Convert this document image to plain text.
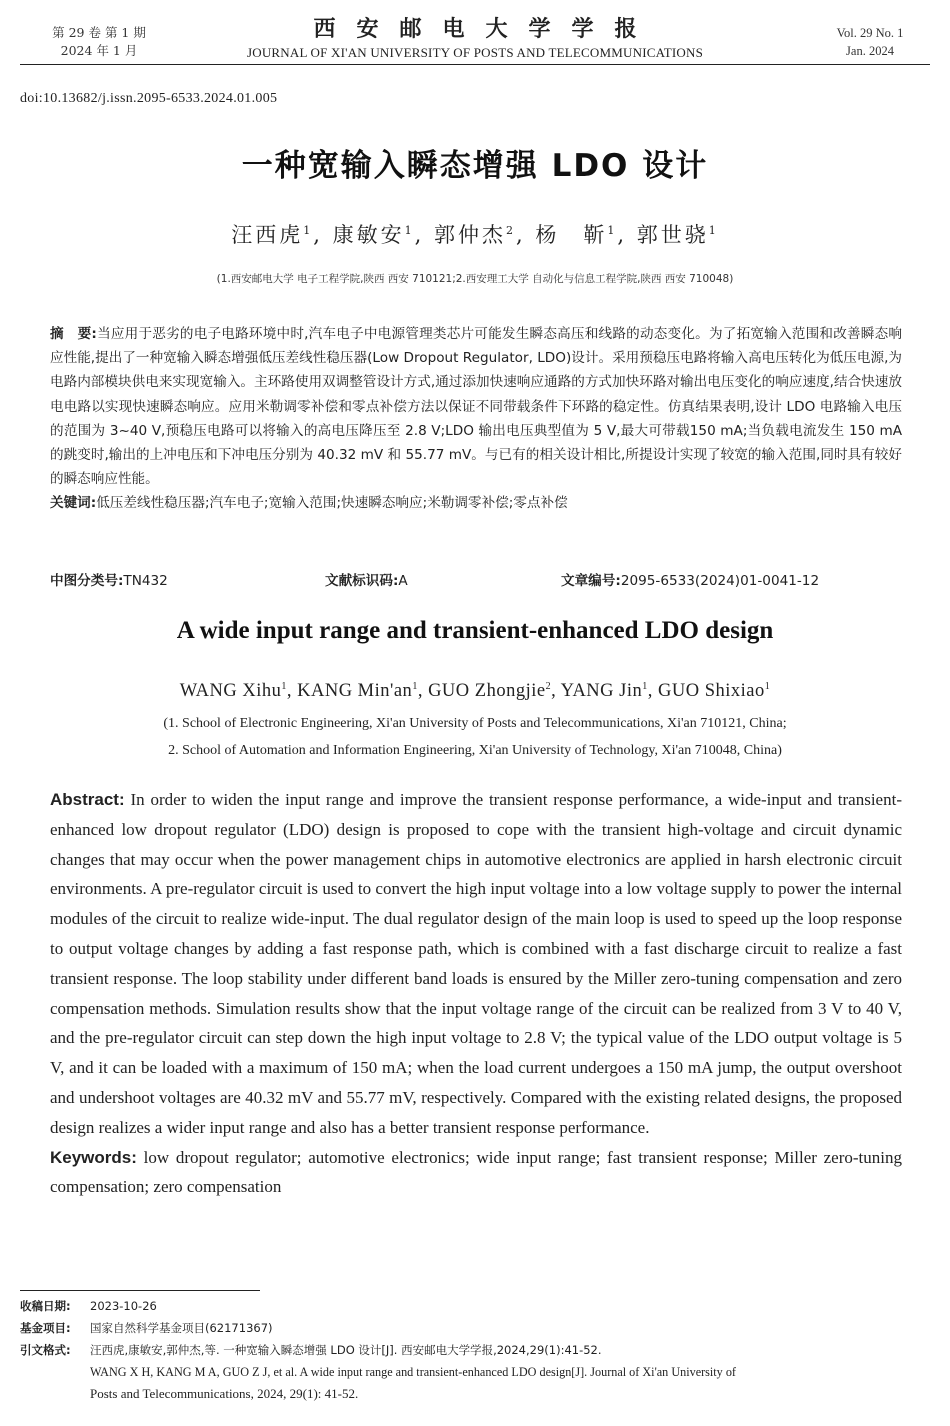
第 29 卷 第 1 期
2024 年 1 月
西安邮电大学学报
JOURNAL OF XI'AN UNIVERSITY OF POSTS AND TELECOMMUNICATIONS
Vol. 29 No. 1
Jan. 2024
doi:10.13682/j.issn.2095-6533.2024.01.005
一种宽输入瞬态增强 LDO 设计
汪西虎$^1$, 康敏安$^1$, 郭仲杰$^2$, 杨　靳$^1$, 郭世骁$^1$
(1.西安邮电大学 电子工程学院,陕西 西安 710121;2.西安理工大学 自动化与信息工程学院,陕西 西安 710048)
摘　要:当应用于恶劣的电子电路环境中时,汽车电子中电源管理类芯片可能发生瞬态高压和线路的动态变化。为了拓宽输入范围和改善瞬态响应性能,提出了一种宽输入瞬态增强低压差线性稳压器(Low Dropout Regulator, LDO)设计。采用预稳压电路将输入高电压转化为低压电源,为电路内部模块供电来实现宽输入。主环路使用双调整管设计方式,通过添加快速响应通路的方式加快环路对输出电压变化的响应速度,结合快速放电电路以实现快速瞬态响应。应用米勒调零补偿和零点补偿方法以保证不同带载条件下环路的稳定性。仿真结果表明,设计 LDO 电路输入电压的范围为 3~40 V,预稳压电路可以将输入的高电压降压至 2.8 V;LDO 输出电压典型值为 5 V,最大可带载150 mA;当负载电流发生 150 mA 的跳变时,输出的上冲电压和下冲电压分别为 40.32 mV 和 55.77 mV。与已有的相关设计相比,所提设计实现了较宽的输入范围,同时具有较好的瞬态响应性能。
关键词:低压差线性稳压器;汽车电子;宽输入范围;快速瞬态响应;米勒调零补偿;零点补偿
中图分类号:TN432	文献标识码:A	文章编号:2095-6533(2024)01-0041-12
A wide input range and transient-enhanced LDO design
WANG Xihu$^1$, KANG $Min'an^1$, GUO Zhongjie$^2$, YANG Jin$^1$, GUO Shixiao$^1$
(1. School of Electronic Engineering, Xi'an University of Posts and Telecommunications, Xi'an 710121, China;
2. School of Automation and Information Engineering, Xi'an University of Technology, Xi'an 710048, China)
Abstract: In order to widen the input range and improve the transient response performance, a wide-input and transient-enhanced low dropout regulator (LDO) design is proposed to cope with the transient high-voltage and circuit dynamic changes that may occur when the power management chips in automotive electronics are applied in harsh electronic circuit environments. A pre-regulator circuit is used to convert the high input voltage into a low voltage supply to power the internal modules of the circuit to realize wide-input. The dual regulator design of the main loop is used to speed up the loop response to output voltage changes by adding a fast response path, which is combined with a fast discharge circuit to realize a fast transient response. The loop stability under different band loads is ensured by the Miller zero-tuning compensation and zero compensation methods. Simulation results show that the input voltage range of the circuit can be realized from 3 V to 40 V, and the pre-regulator circuit can step down the high input voltage to 2.8 V; the typical value of the LDO output voltage is 5 V, and it can be loaded with a maximum of 150 mA; when the load current undergoes a 150 mA jump, the output overshoot and undershoot voltages are 40.32 mV and 55.77 mV, respectively. Compared with the existing related designs, the proposed design realizes a wider input range and also has a better transient response performance.
Keywords: low dropout regulator; automotive electronics; wide input range; fast transient response; Miller zero-tuning compensation; zero compensation
收稿日期: 2023-10-26
基金项目: 国家自然科学基金项目(62171367)
引文格式: 汪西虎,康敏安,郭仲杰,等. 一种宽输入瞬态增强 LDO 设计[J]. 西安邮电大学学报,2024,29(1):41-52.
WANG X H, KANG M A, GUO Z J, et al. A wide input range and transient-enhanced LDO design[J]. Journal of Xi'an University of
Posts and Telecommunications, 2024, 29(1): 41-52.
